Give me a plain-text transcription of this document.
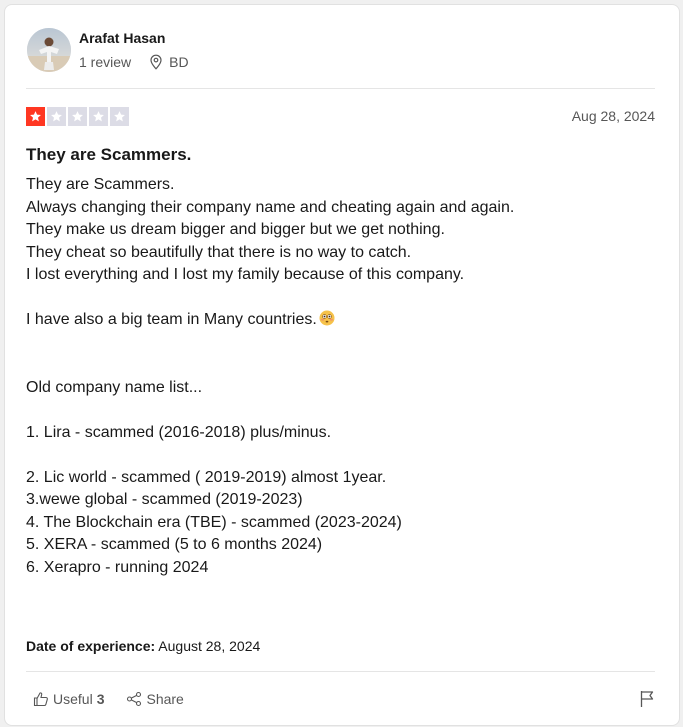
Arafat Hasan
1 review	BD
Aug 28, 2024
They are Scammers.
They are Scammers.
Always changing their company name and cheating again and again.
They make us dream bigger and bigger but we get nothing.
They cheat so beautifully that there is no way to catch.
I lost everything and I lost my family because of this company.
I have also a big team in Many countries.
Old company name list...
1. Lira - scammed (2016-2018) plus/minus.
2. Lic world - scammed ( 2019-2019) almost 1year.
3.wewe global - scammed (2019-2023)
4. The Blockchain era (TBE) - scammed (2023-2024)
5. XERA - scammed (5 to 6 months 2024)
6. Xerapro - running 2024
Date of experience: August 28, 2024
Useful 3	Share
